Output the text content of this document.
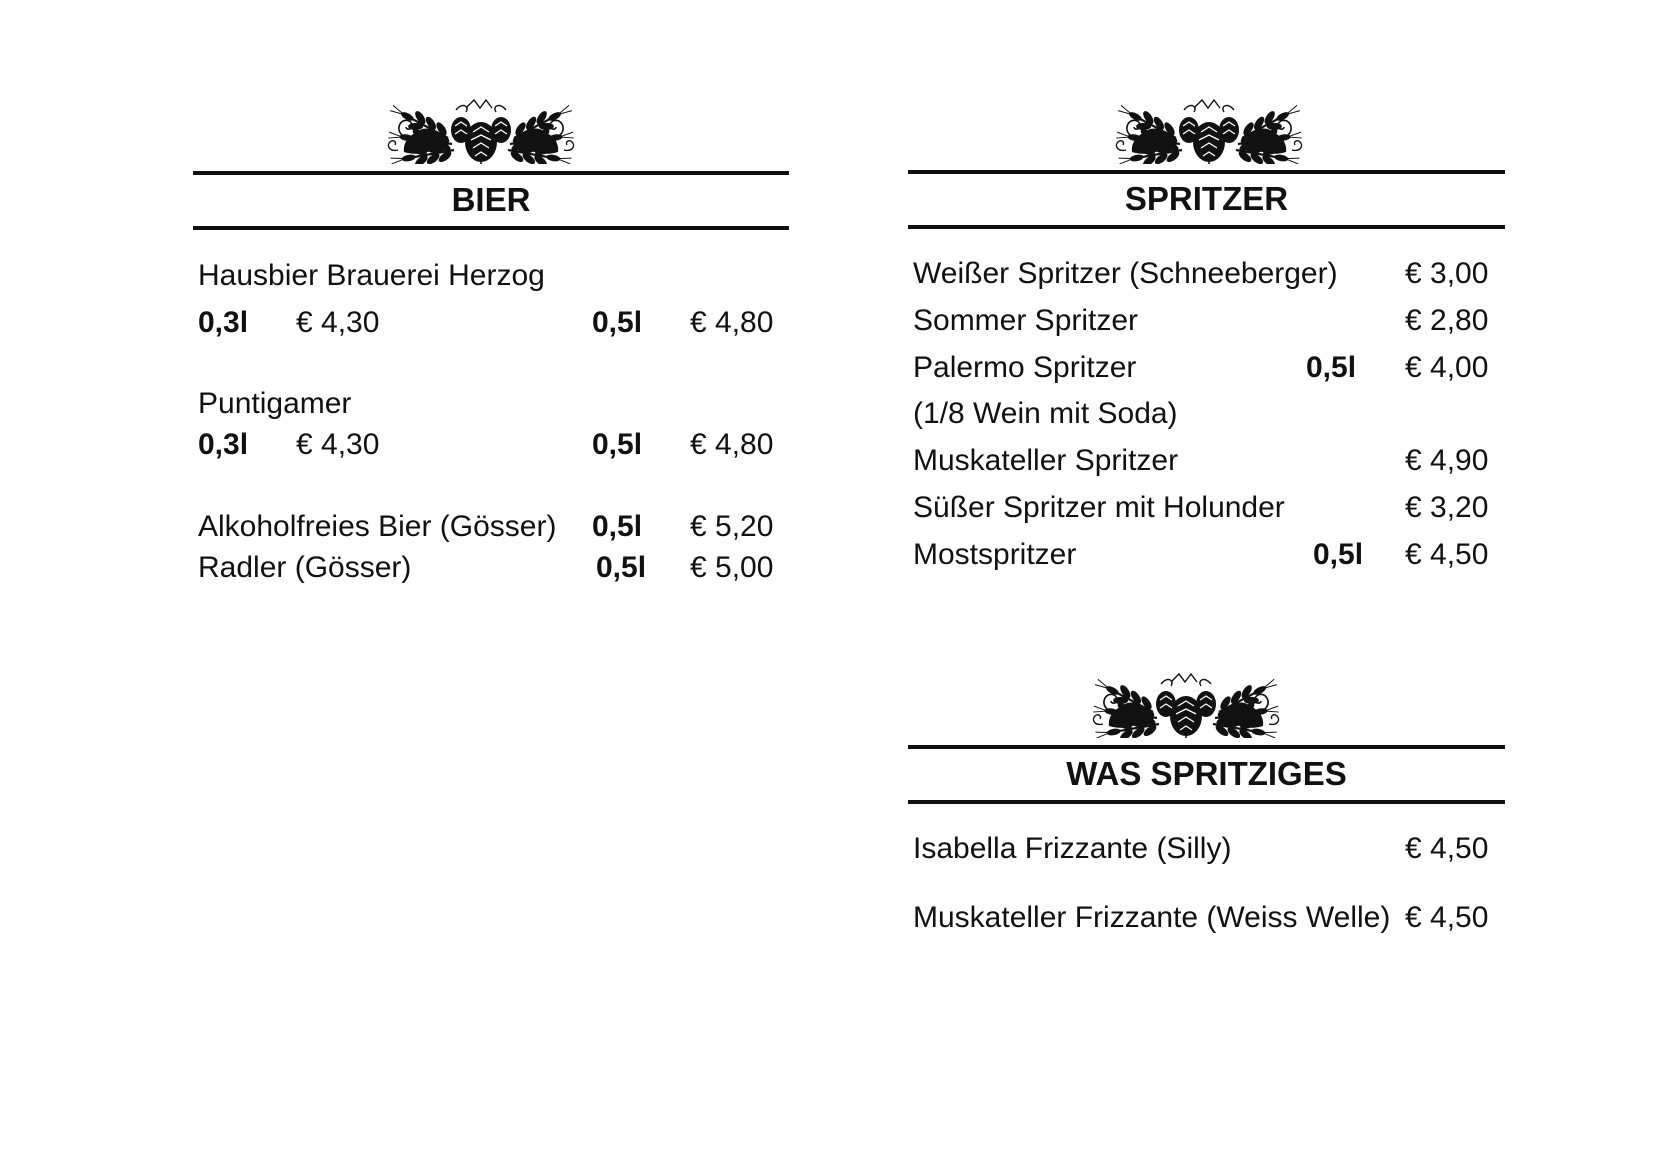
BIER
Hausbier Brauerei Herzog
0,3l € 4,30	0,5l € 4,80
Puntigamer
0,3l € 4,30	0,5l € 4,80
Alkoholfreies Bier (Gösser) 0,5l € 5,20
Radler (Gösser)	0,5l € 5,00
SPRITZER
Weißer Spritzer (Schneeberger) € 3,00
Sommer Spritzer	€ 2,80
Palermo Spritzer	0,5l € 4,00
(1/8 Wein mit Soda)
Muskateller Spritzer	€ 4,90
Süßer Spritzer mit Holunder	€ 3,20
Mostspritzer	0,5l € 4,50
WAS SPRITZIGES
Isabella Frizzante (Silly)	€ 4,50
Muskateller Frizzante (Weiss Welle) € 4,50
